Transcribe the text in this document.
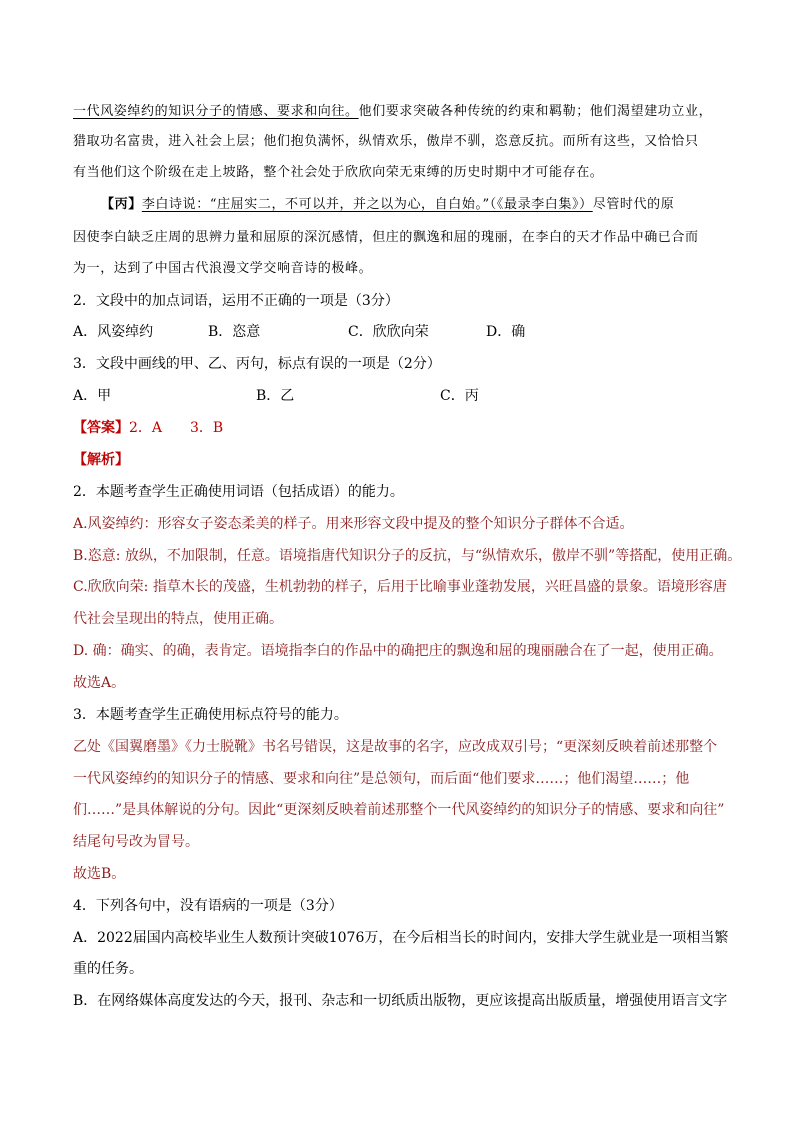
一代风姿绰约的知识分子的情感、要求和向往。他们要求突破各种传统的约束和羁勒；他们渴望建功立业，
猎取功名富贵，进入社会上层；他们抱负满怀，纵情欢乐，傲岸不驯，恣意反抗。而所有这些，又恰恰只
有当他们这个阶级在走上坡路，整个社会处于欣欣向荣无束缚的历史时期中才可能存在。
【丙】李白诗说：“庄屈实二，不可以并，并之以为心，自白始。”（《最录李白集》）尽管时代的原
因使李白缺乏庄周的思辨力量和屈原的深沉感情，但庄的飘逸和屈的瑰丽，在李白的天才作品中确已合而
为一，达到了中国古代浪漫文学交响音诗的极峰。
2．文段中的加点词语，运用不正确的一项是（3分）
A．风姿绰约	B．恣意	C．欣欣向荣	D．确
3．文段中画线的甲、乙、丙句，标点有误的一项是（2分）
A．甲	B．乙	C．丙
【答案】2．A　　3．B
【解析】
2．本题考查学生正确使用词语（包括成语）的能力。
A.风姿绰约：形容女子姿态柔美的样子。用来形容文段中提及的整个知识分子群体不合适。
B.恣意: 放纵，不加限制，任意。语境指唐代知识分子的反抗，与“纵情欢乐，傲岸不驯”等搭配，使用正确。
C.欣欣向荣: 指草木长的茂盛，生机勃勃的样子，后用于比喻事业蓬勃发展，兴旺昌盛的景象。语境形容唐
代社会呈现出的特点，使用正确。
D. 确：确实、的确，表肯定。语境指李白的作品中的确把庄的飘逸和屈的瑰丽融合在了一起，使用正确。
故选A。
3．本题考查学生正确使用标点符号的能力。
乙处《国翼磨墨》《力士脱靴》书名号错误，这是故事的名字，应改成双引号；“更深刻反映着前述那整个
一代风姿绰约的知识分子的情感、要求和向往”是总领句，而后面“他们要求……；他们渴望……；他
们……”是具体解说的分句。因此“更深刻反映着前述那整个一代风姿绰约的知识分子的情感、要求和向往”
结尾句号改为冒号。
故选B。
4．下列各句中，没有语病的一项是（3分）
A．2022届国内高校毕业生人数预计突破1076万，在今后相当长的时间内，安排大学生就业是一项相当繁
重的任务。
B．在网络媒体高度发达的今天，报刊、杂志和一切纸质出版物，更应该提高出版质量，增强使用语言文字
